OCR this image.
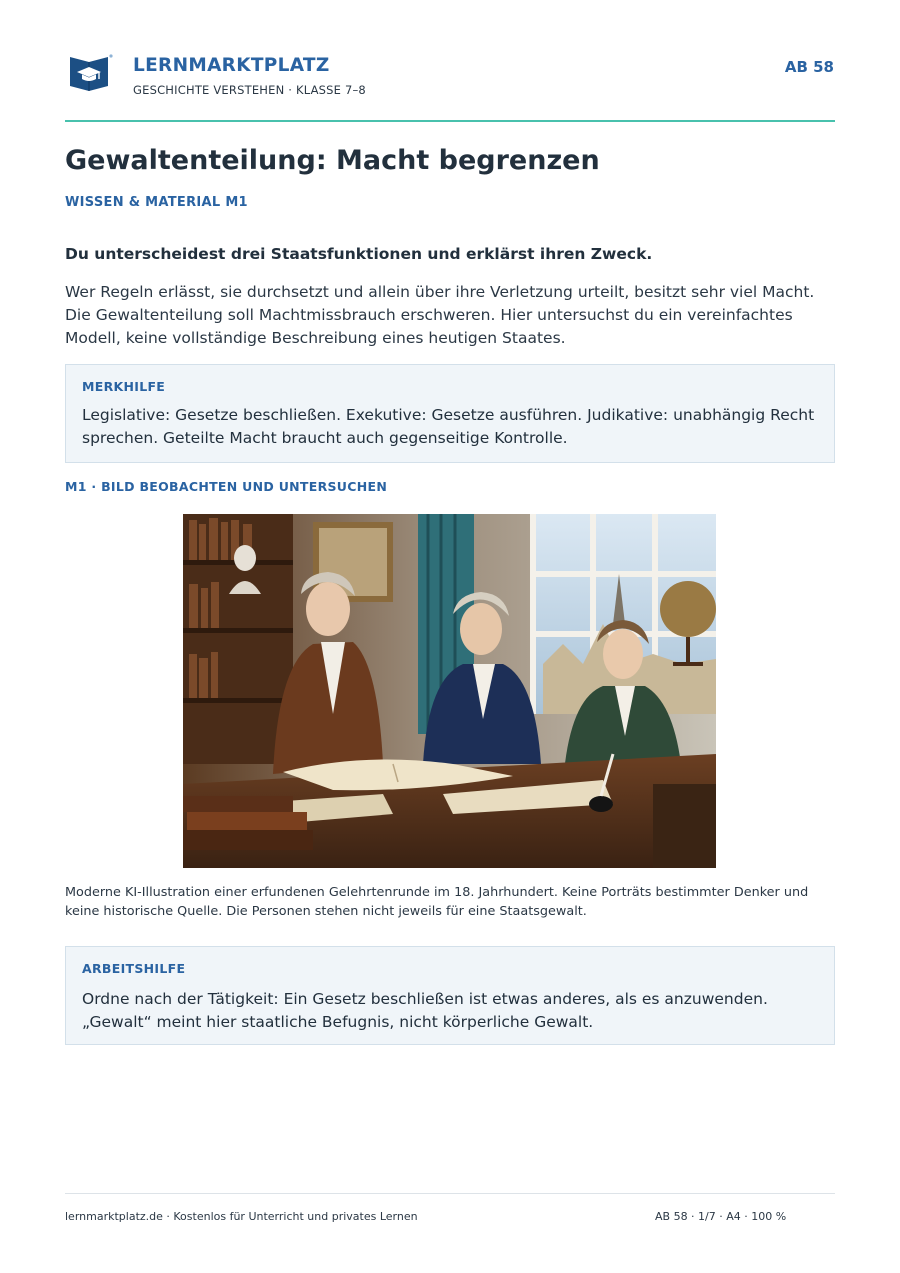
LERNMARKTPLATZ
GESCHICHTE VERSTEHEN · KLASSE 7–8
AB 58
Gewaltenteilung: Macht begrenzen
WISSEN & MATERIAL M1

Du unterscheidest drei Staatsfunktionen und erklärst ihren Zweck.

Wer Regeln erlässt, sie durchsetzt und allein über ihre Verletzung urteilt, besitzt sehr viel Macht. Die Gewaltenteilung soll Machtmissbrauch erschweren. Hier untersuchst du ein vereinfachtes Modell, keine vollständige Beschreibung eines heutigen Staates.

MERKHILFE

Legislative: Gesetze beschließen. Exekutive: Gesetze ausführen. Judikative: unabhängig Recht sprechen. Geteilte Macht braucht auch gegenseitige Kontrolle.

M1 · BILD BEOBACHTEN UND UNTERSUCHEN

Moderne KI-Illustration einer erfundenen Gelehrtenrunde im 18. Jahrhundert. Keine Porträts bestimmter Denker und keine historische Quelle. Die Personen stehen nicht jeweils für eine Staatsgewalt.

ARBEITSHILFE

Ordne nach der Tätigkeit: Ein Gesetz beschließen ist etwas anderes, als es anzuwenden. „Gewalt“ meint hier staatliche Befugnis, nicht körperliche Gewalt.

lernmarktplatz.de · Kostenlos für Unterricht und privates Lernen	AB 58 · 1/7 · A4 · 100 %
